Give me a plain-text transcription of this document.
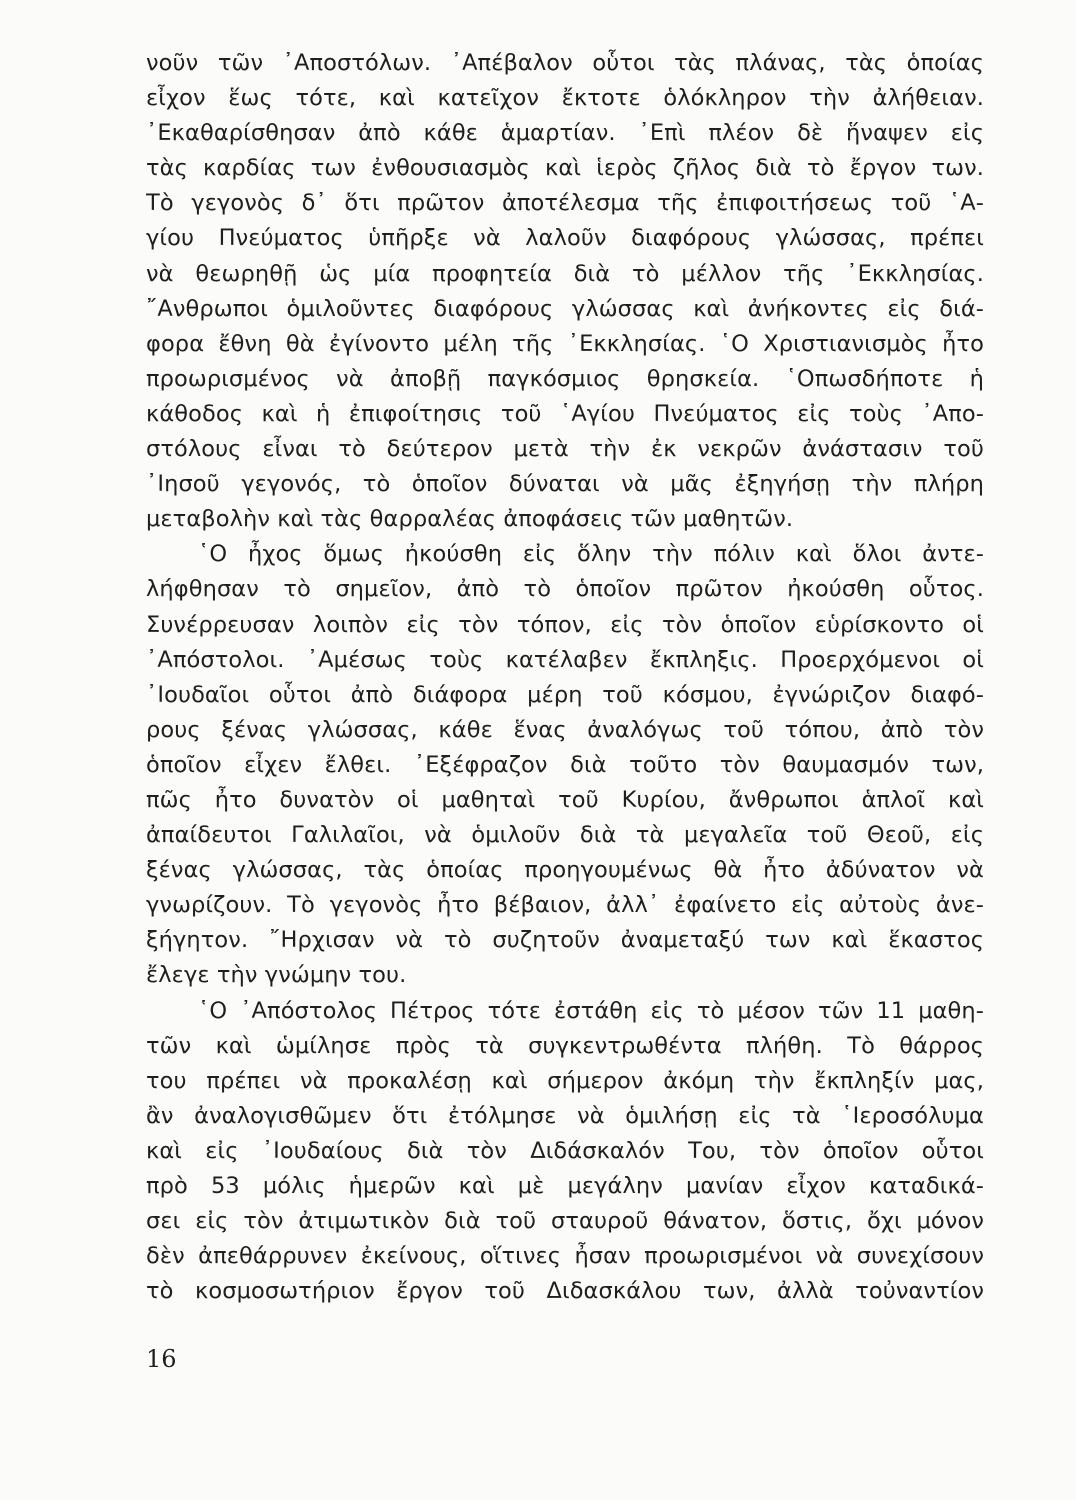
νοῦν τῶν ᾿Αποστόλων. ᾿Απέβαλον οὗτοι τὰς πλάνας, τὰς ὁποίας
εἶχον ἕως τότε, καὶ κατεῖχον ἔκτοτε ὁλόκληρον τὴν ἀλήθειαν.
᾿Εκαθαρίσθησαν ἀπὸ κάθε ἁμαρτίαν. ᾿Επὶ πλέον δὲ ἥναψεν εἰς
τὰς καρδίας των ἐνθουσιασμὸς καὶ ἱερὸς ζῆλος διὰ τὸ ἔργον των.
Τὸ γεγονὸς δ᾿ ὅτι πρῶτον ἀποτέλεσμα τῆς ἐπιφοιτήσεως τοῦ ῾Α-
γίου Πνεύματος ὑπῆρξε νὰ λαλοῦν διαφόρους γλώσσας, πρέπει
νὰ θεωρηθῇ ὡς μία προφητεία διὰ τὸ μέλλον τῆς ᾿Εκκλησίας.
῎Ανθρωποι ὁμιλοῦντες διαφόρους γλώσσας καὶ ἀνήκοντες εἰς διά-
φορα ἔθνη θὰ ἐγίνοντο μέλη τῆς ᾿Εκκλησίας. ῾Ο Χριστιανισμὸς ἦτο
προωρισμένος νὰ ἀποβῇ παγκόσμιος θρησκεία. ῾Οπωσδήποτε ἡ
κάθοδος καὶ ἡ ἐπιφοίτησις τοῦ ῾Αγίου Πνεύματος εἰς τοὺς ᾿Απο-
στόλους εἶναι τὸ δεύτερον μετὰ τὴν ἐκ νεκρῶν ἀνάστασιν τοῦ
᾿Ιησοῦ γεγονός, τὸ ὁποῖον δύναται νὰ μᾶς ἐξηγήσῃ τὴν πλήρη
μεταβολὴν καὶ τὰς θαρραλέας ἀποφάσεις τῶν μαθητῶν.
῾Ο ἦχος ὅμως ἠκούσθη εἰς ὅλην τὴν πόλιν καὶ ὅλοι ἀντε-
λήφθησαν τὸ σημεῖον, ἀπὸ τὸ ὁποῖον πρῶτον ἠκούσθη οὗτος.
Συνέρρευσαν λοιπὸν εἰς τὸν τόπον, εἰς τὸν ὁποῖον εὑρίσκοντο οἱ
᾿Απόστολοι. ᾿Αμέσως τοὺς κατέλαβεν ἔκπληξις. Προερχόμενοι οἱ
᾿Ιουδαῖοι οὗτοι ἀπὸ διάφορα μέρη τοῦ κόσμου, ἐγνώριζον διαφό-
ρους ξένας γλώσσας, κάθε ἕνας ἀναλόγως τοῦ τόπου, ἀπὸ τὸν
ὁποῖον εἶχεν ἔλθει. ᾿Εξέφραζον διὰ τοῦτο τὸν θαυμασμόν των,
πῶς ἦτο δυνατὸν οἱ μαθηταὶ τοῦ Κυρίου, ἄνθρωποι ἁπλοῖ καὶ
ἀπαίδευτοι Γαλιλαῖοι, νὰ ὁμιλοῦν διὰ τὰ μεγαλεῖα τοῦ Θεοῦ, εἰς
ξένας γλώσσας, τὰς ὁποίας προηγουμένως θὰ ἦτο ἀδύνατον νὰ
γνωρίζουν. Τὸ γεγονὸς ἦτο βέβαιον, ἀλλ᾿ ἐφαίνετο εἰς αὐτοὺς ἀνε-
ξήγητον. ῎Ηρχισαν νὰ τὸ συζητοῦν ἀναμεταξύ των καὶ ἕκαστος
ἔλεγε τὴν γνώμην του.
῾Ο ᾿Απόστολος Πέτρος τότε ἐστάθη εἰς τὸ μέσον τῶν 11 μαθη-
τῶν καὶ ὡμίλησε πρὸς τὰ συγκεντρωθέντα πλήθη. Τὸ θάρρος
του πρέπει νὰ προκαλέσῃ καὶ σήμερον ἀκόμη τὴν ἔκπληξίν μας,
ἂν ἀναλογισθῶμεν ὅτι ἐτόλμησε νὰ ὁμιλήσῃ εἰς τὰ ῾Ιεροσόλυμα
καὶ εἰς ᾿Ιουδαίους διὰ τὸν Διδάσκαλόν Του, τὸν ὁποῖον οὗτοι
πρὸ 53 μόλις ἡμερῶν καὶ μὲ μεγάλην μανίαν εἶχον καταδικά-
σει εἰς τὸν ἀτιμωτικὸν διὰ τοῦ σταυροῦ θάνατον, ὅστις, ὄχι μόνον
δὲν ἀπεθάρρυνεν ἐκείνους, οἵτινες ἦσαν προωρισμένοι νὰ συνεχίσουν
τὸ κοσμοσωτήριον ἔργον τοῦ Διδασκάλου των, ἀλλὰ τοὐναντίον
16
